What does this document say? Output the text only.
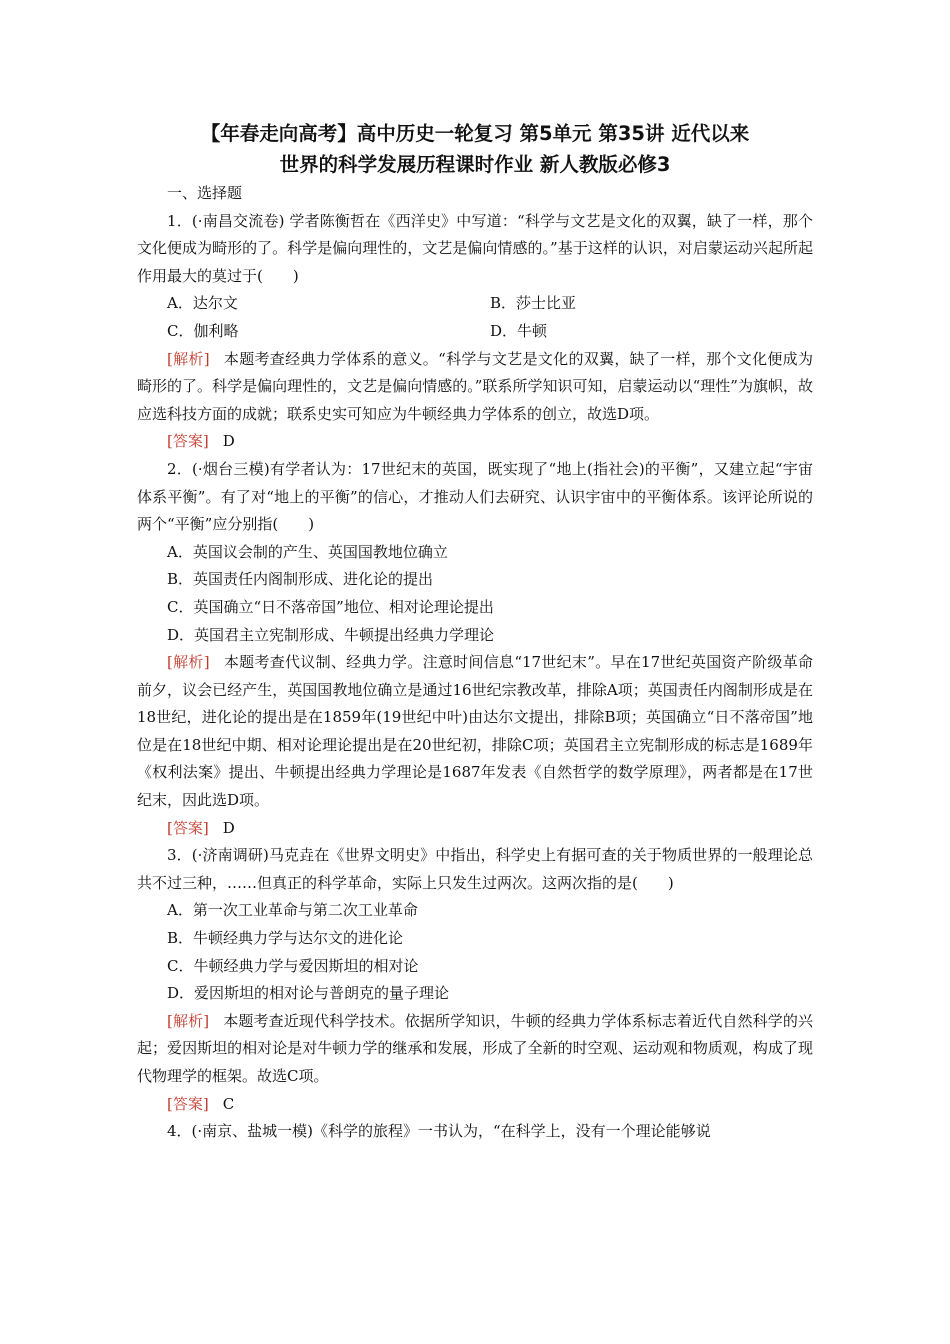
【年春走向高考】高中历史一轮复习 第5单元 第35讲 近代以来
世界的科学发展历程课时作业 新人教版必修3
一、选择题

1．(·南昌交流卷) 学者陈衡哲在《西洋史》中写道：“科学与文艺是文化的双翼，缺了一样，那个文化便成为畸形的了。科学是偏向理性的，文艺是偏向情感的。”基于这样的认识，对启蒙运动兴起所起作用最大的莫过于(　　)

A．达尔文	B．莎士比亚
C．伽利略	D．牛顿

[解析] 本题考查经典力学体系的意义。“科学与文艺是文化的双翼，缺了一样，那个文化便成为畸形的了。科学是偏向理性的，文艺是偏向情感的。”联系所学知识可知，启蒙运动以“理性”为旗帜，故应选科技方面的成就；联系史实可知应为牛顿经典力学体系的创立，故选D项。

[答案] D

2．(·烟台三模)有学者认为：17世纪末的英国，既实现了“地上(指社会)的平衡”，又建立起“宇宙体系平衡”。有了对“地上的平衡”的信心，才推动人们去研究、认识宇宙中的平衡体系。该评论所说的两个“平衡”应分别指(　　)

A．英国议会制的产生、英国国教地位确立
B．英国责任内阁制形成、进化论的提出
C．英国确立“日不落帝国”地位、相对论理论提出
D．英国君主立宪制形成、牛顿提出经典力学理论

[解析] 本题考查代议制、经典力学。注意时间信息“17世纪末”。早在17世纪英国资产阶级革命前夕，议会已经产生，英国国教地位确立是通过16世纪宗教改革，排除A项；英国责任内阁制形成是在18世纪，进化论的提出是在1859年(19世纪中叶)由达尔文提出，排除B项；英国确立“日不落帝国”地位是在18世纪中期、相对论理论提出是在20世纪初，排除C项；英国君主立宪制形成的标志是1689年《权利法案》提出、牛顿提出经典力学理论是1687年发表《自然哲学的数学原理》，两者都是在17世纪末，因此选D项。

[答案] D

3．(·济南调研)马克垚在《世界文明史》中指出，科学史上有据可查的关于物质世界的一般理论总共不过三种，……但真正的科学革命，实际上只发生过两次。这两次指的是(　　)

A．第一次工业革命与第二次工业革命
B．牛顿经典力学与达尔文的进化论
C．牛顿经典力学与爱因斯坦的相对论
D．爱因斯坦的相对论与普朗克的量子理论

[解析] 本题考查近现代科学技术。依据所学知识，牛顿的经典力学体系标志着近代自然科学的兴起；爱因斯坦的相对论是对牛顿力学的继承和发展，形成了全新的时空观、运动观和物质观，构成了现代物理学的框架。故选C项。

[答案] C

4．(·南京、盐城一模)《科学的旅程》一书认为，“在科学上，没有一个理论能够说
